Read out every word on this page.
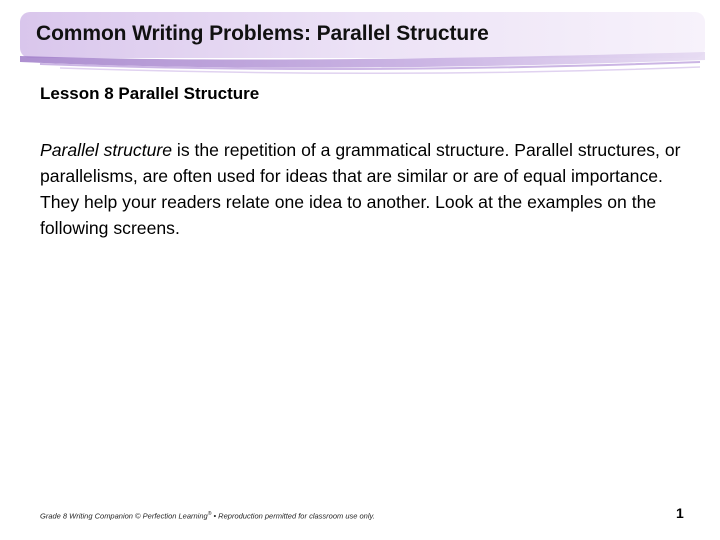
Common Writing Problems: Parallel Structure
Lesson 8 Parallel Structure
Parallel structure is the repetition of a grammatical structure. Parallel structures, or parallelisms, are often used for ideas that are similar or are of equal importance. They help your readers relate one idea to another. Look at the examples on the following screens.
Grade 8 Writing Companion © Perfection Learning® • Reproduction permitted for classroom use only.	1
